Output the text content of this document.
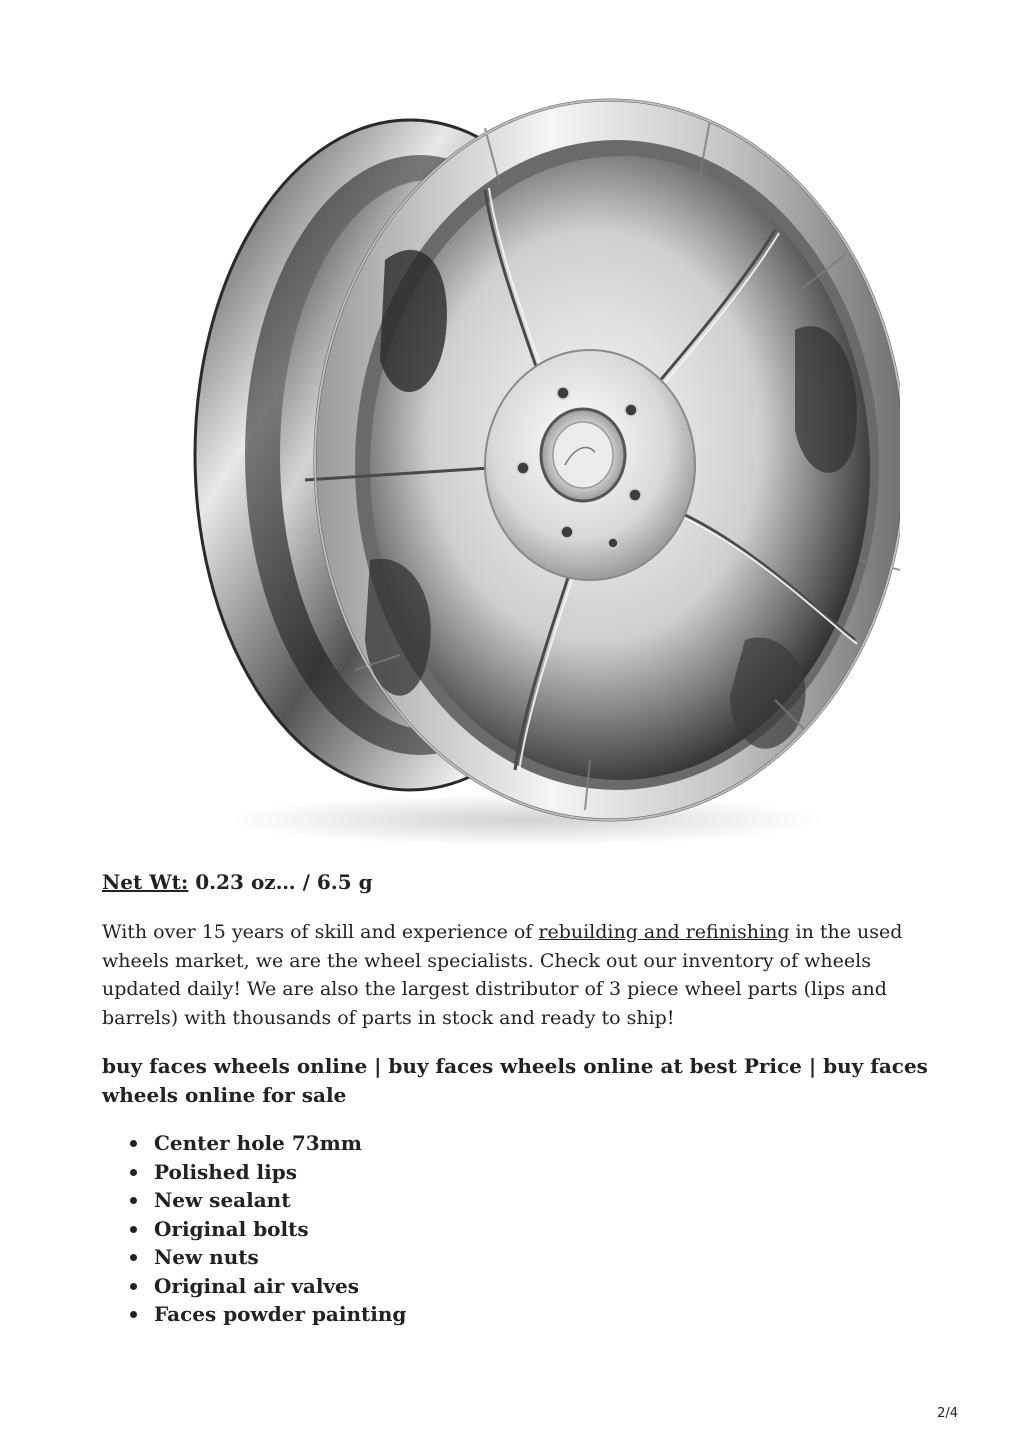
Net Wt: 0.23 oz… / 6.5 g

With over 15 years of skill and experience of rebuilding and refinishing in the used wheels market, we are the wheel specialists. Check out our inventory of wheels updated daily! We are also the largest distributor of 3 piece wheel parts (lips and barrels) with thousands of parts in stock and ready to ship!

buy faces wheels online | buy faces wheels online at best Price | buy faces wheels online for sale

Center hole 73mm
Polished lips
New sealant
Original bolts
New nuts
Original air valves
Faces powder painting
2/4
